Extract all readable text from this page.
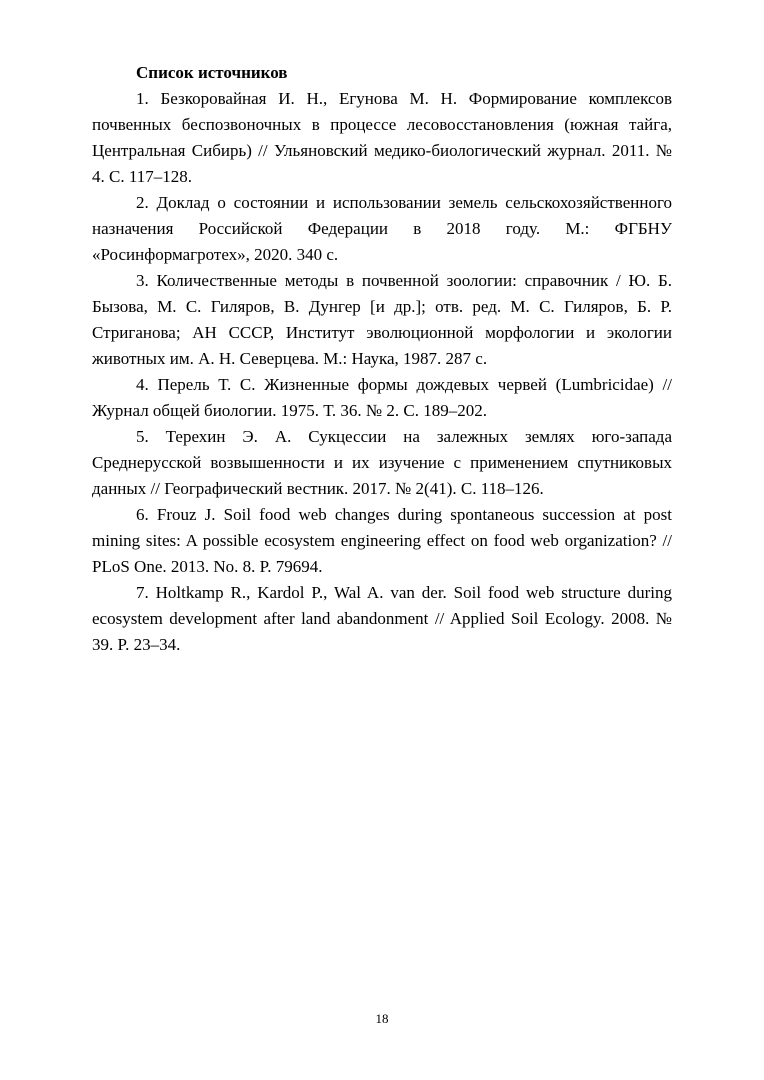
Список источников

1. Безкоровайная И. Н., Егунова М. Н. Формирование комплексов почвенных беспозвоночных в процессе лесовосстановления (южная тайга, Центральная Сибирь) // Ульяновский медико-биологический журнал. 2011. № 4. С. 117–128.

2. Доклад о состоянии и использовании земель сельскохозяйственного назначения Российской Федерации в 2018 году. М.: ФГБНУ «Росинформагротех», 2020. 340 с.

3. Количественные методы в почвенной зоологии: справочник / Ю. Б. Бызова, М. С. Гиляров, В. Дунгер [и др.]; отв. ред. М. С. Гиляров, Б. Р. Стриганова; АН СССР, Институт эволюционной морфологии и экологии животных им. А. Н. Северцева. М.: Наука, 1987. 287 с.

4. Перель Т. С. Жизненные формы дождевых червей (Lumbricidae) // Журнал общей биологии. 1975. Т. 36. № 2. С. 189–202.

5. Терехин Э. А. Сукцессии на залежных землях юго-запада Среднерусской возвышенности и их изучение с применением спутниковых данных // Географический вестник. 2017. № 2(41). С. 118–126.

6. Frouz J. Soil food web changes during spontaneous succession at post mining sites: A possible ecosystem engineering effect on food web organization? // PLoS One. 2013. No. 8. P. 79694.

7. Holtkamp R., Kardol P., Wal A. van der. Soil food web structure during ecosystem development after land abandonment // Applied Soil Ecology. 2008. № 39. P. 23–34.

18
